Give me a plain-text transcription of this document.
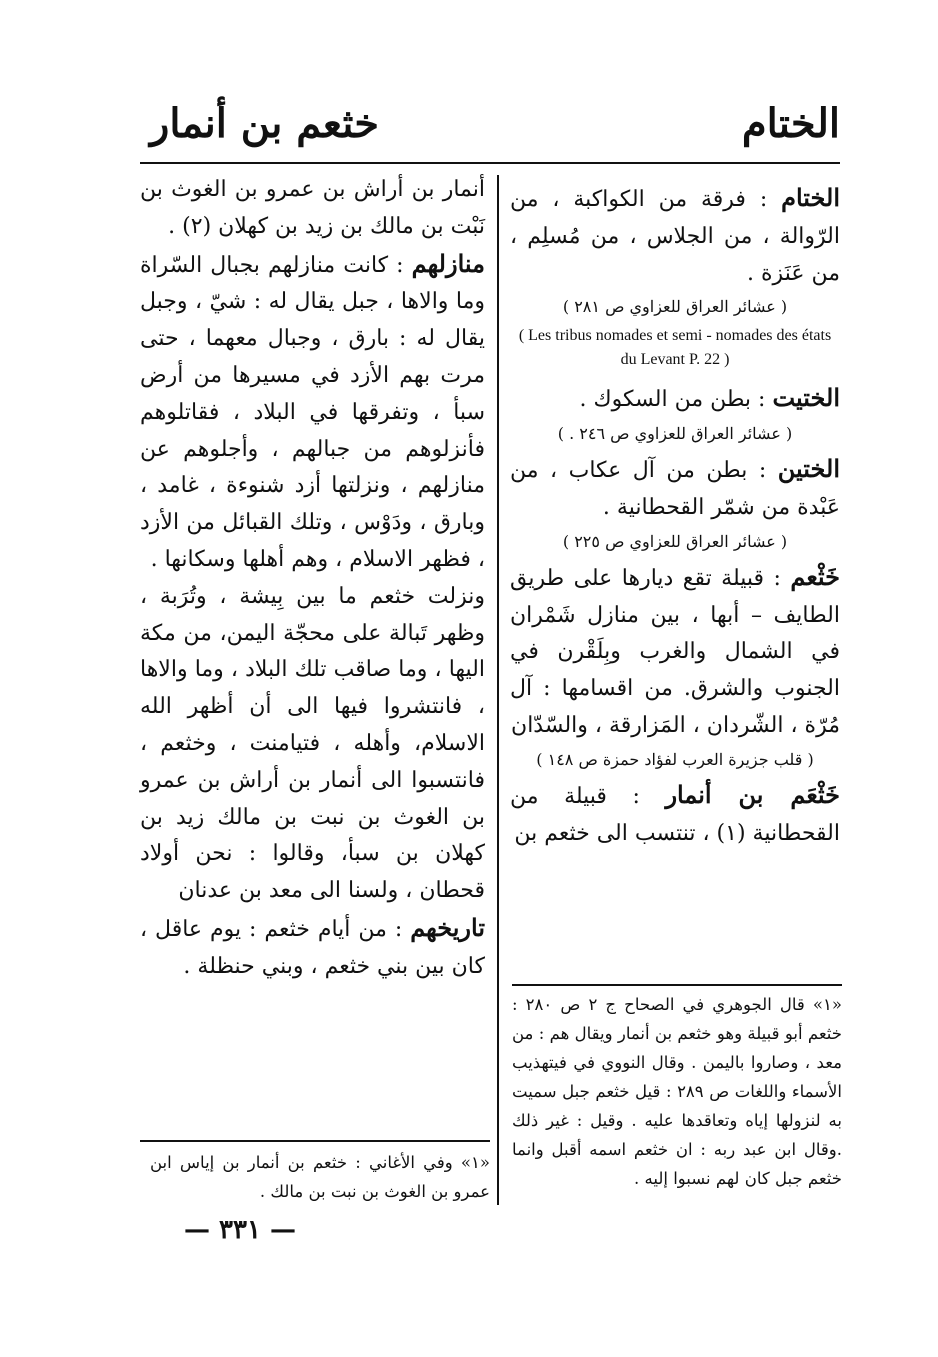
الختام
خثعم بن أنمار

الختام : فرقة من الكواكبة ، من الرّوالة ، من الجلاس ، من مُسلِم ، من عَنَزة .

( عشائر العراق للعزاوي ص ٢٨١ )
( Les tribus nomades et semi - nomades des états du Levant P. 22 )

الختيت : بطن من السكوك .

( عشائر العراق للعزاوي ص ٢٤٦ . )

الختين : بطن من آل عكاب ، من عَبْدة من شمّر القحطانية .

( عشائر العراق للعزاوي ص ٢٢٥ )

خَثْعم : قبيلة تقع ديارها على طريق الطايف – أبها ، بين منازل شَمْران في الشمال والغرب وبِلَقْرن في الجنوب والشرق. من اقسامها : آل مُرّة ، الشّردان ، المَزارقة ، والسّدّان

( قلب جزيرة العرب لفؤاد حمزة ص ١٤٨ )

خَثْعَم بن أنمار : قبيلة من القحطانية (١) ، تنتسب الى خثعم بن

«١» قال الجوهري في الصحاح ج ٢ ص ٢٨٠ : خثعم أبو قبيلة وهو خثعم بن أنمار ويقال هم : من معد ، وصاروا باليمن . وقال النووي في فيتهذيب الأسماء واللغات ص ٢٨٩ : قيل خثعم جبل سميت به لنزولها إياه وتعاقدها عليه . وقيل : غير ذلك .وقال ابن عبد ربه : ان خثعم اسمه أقبل وانما خثعم جبل كان لهم نسبوا إليه .

أنمار بن أراش بن عمرو بن الغوث بن نَبْت بن مالك بن زيد بن كهلان (٢) .

منازلهم : كانت منازلهم بجبال السّراة وما والاها ، جبل يقال له : شيّ ، وجبل يقال له : بارق ، وجبال معهما ، حتى مرت بهم الأزد في مسيرها من أرض سبأ ، وتفرقها في البلاد ، فقاتلوهم فأنزلوهم من جبالهم ، وأجلوهم عن منازلهم ، ونزلتها أزد شنوءة ، غامد ، وبارق ، ودَوْس ، وتلك القبائل من الأزد ، فظهر الاسلام ، وهم أهلها وسكانها .

ونزلت خثعم ما بين بِيشة ، وتُرَبة ، وظهر تَبالة على محجّة اليمن، من مكة اليها ، وما صاقب تلك البلاد ، وما والاها ، فانتشروا فيها الى أن أظهر الله الاسلام، وأهله ، فتيامنت ، وخثعم ، فانتسبوا الى أنمار بن أراش بن عمرو بن الغوث بن نبت بن مالك زيد بن كهلان بن سبأ، وقالوا : نحن أولاد قحطان ، ولسنا الى معد بن عدنان

تاريخهم : من أيام خثعم : يوم عاقل ، كان بين بني خثعم ، وبني حنظلة .

«١» وفي الأغاني : خثعم بن أنمار بن إياس ابن عمرو بن الغوث بن نبت بن مالك .

— ٣٣١ —
